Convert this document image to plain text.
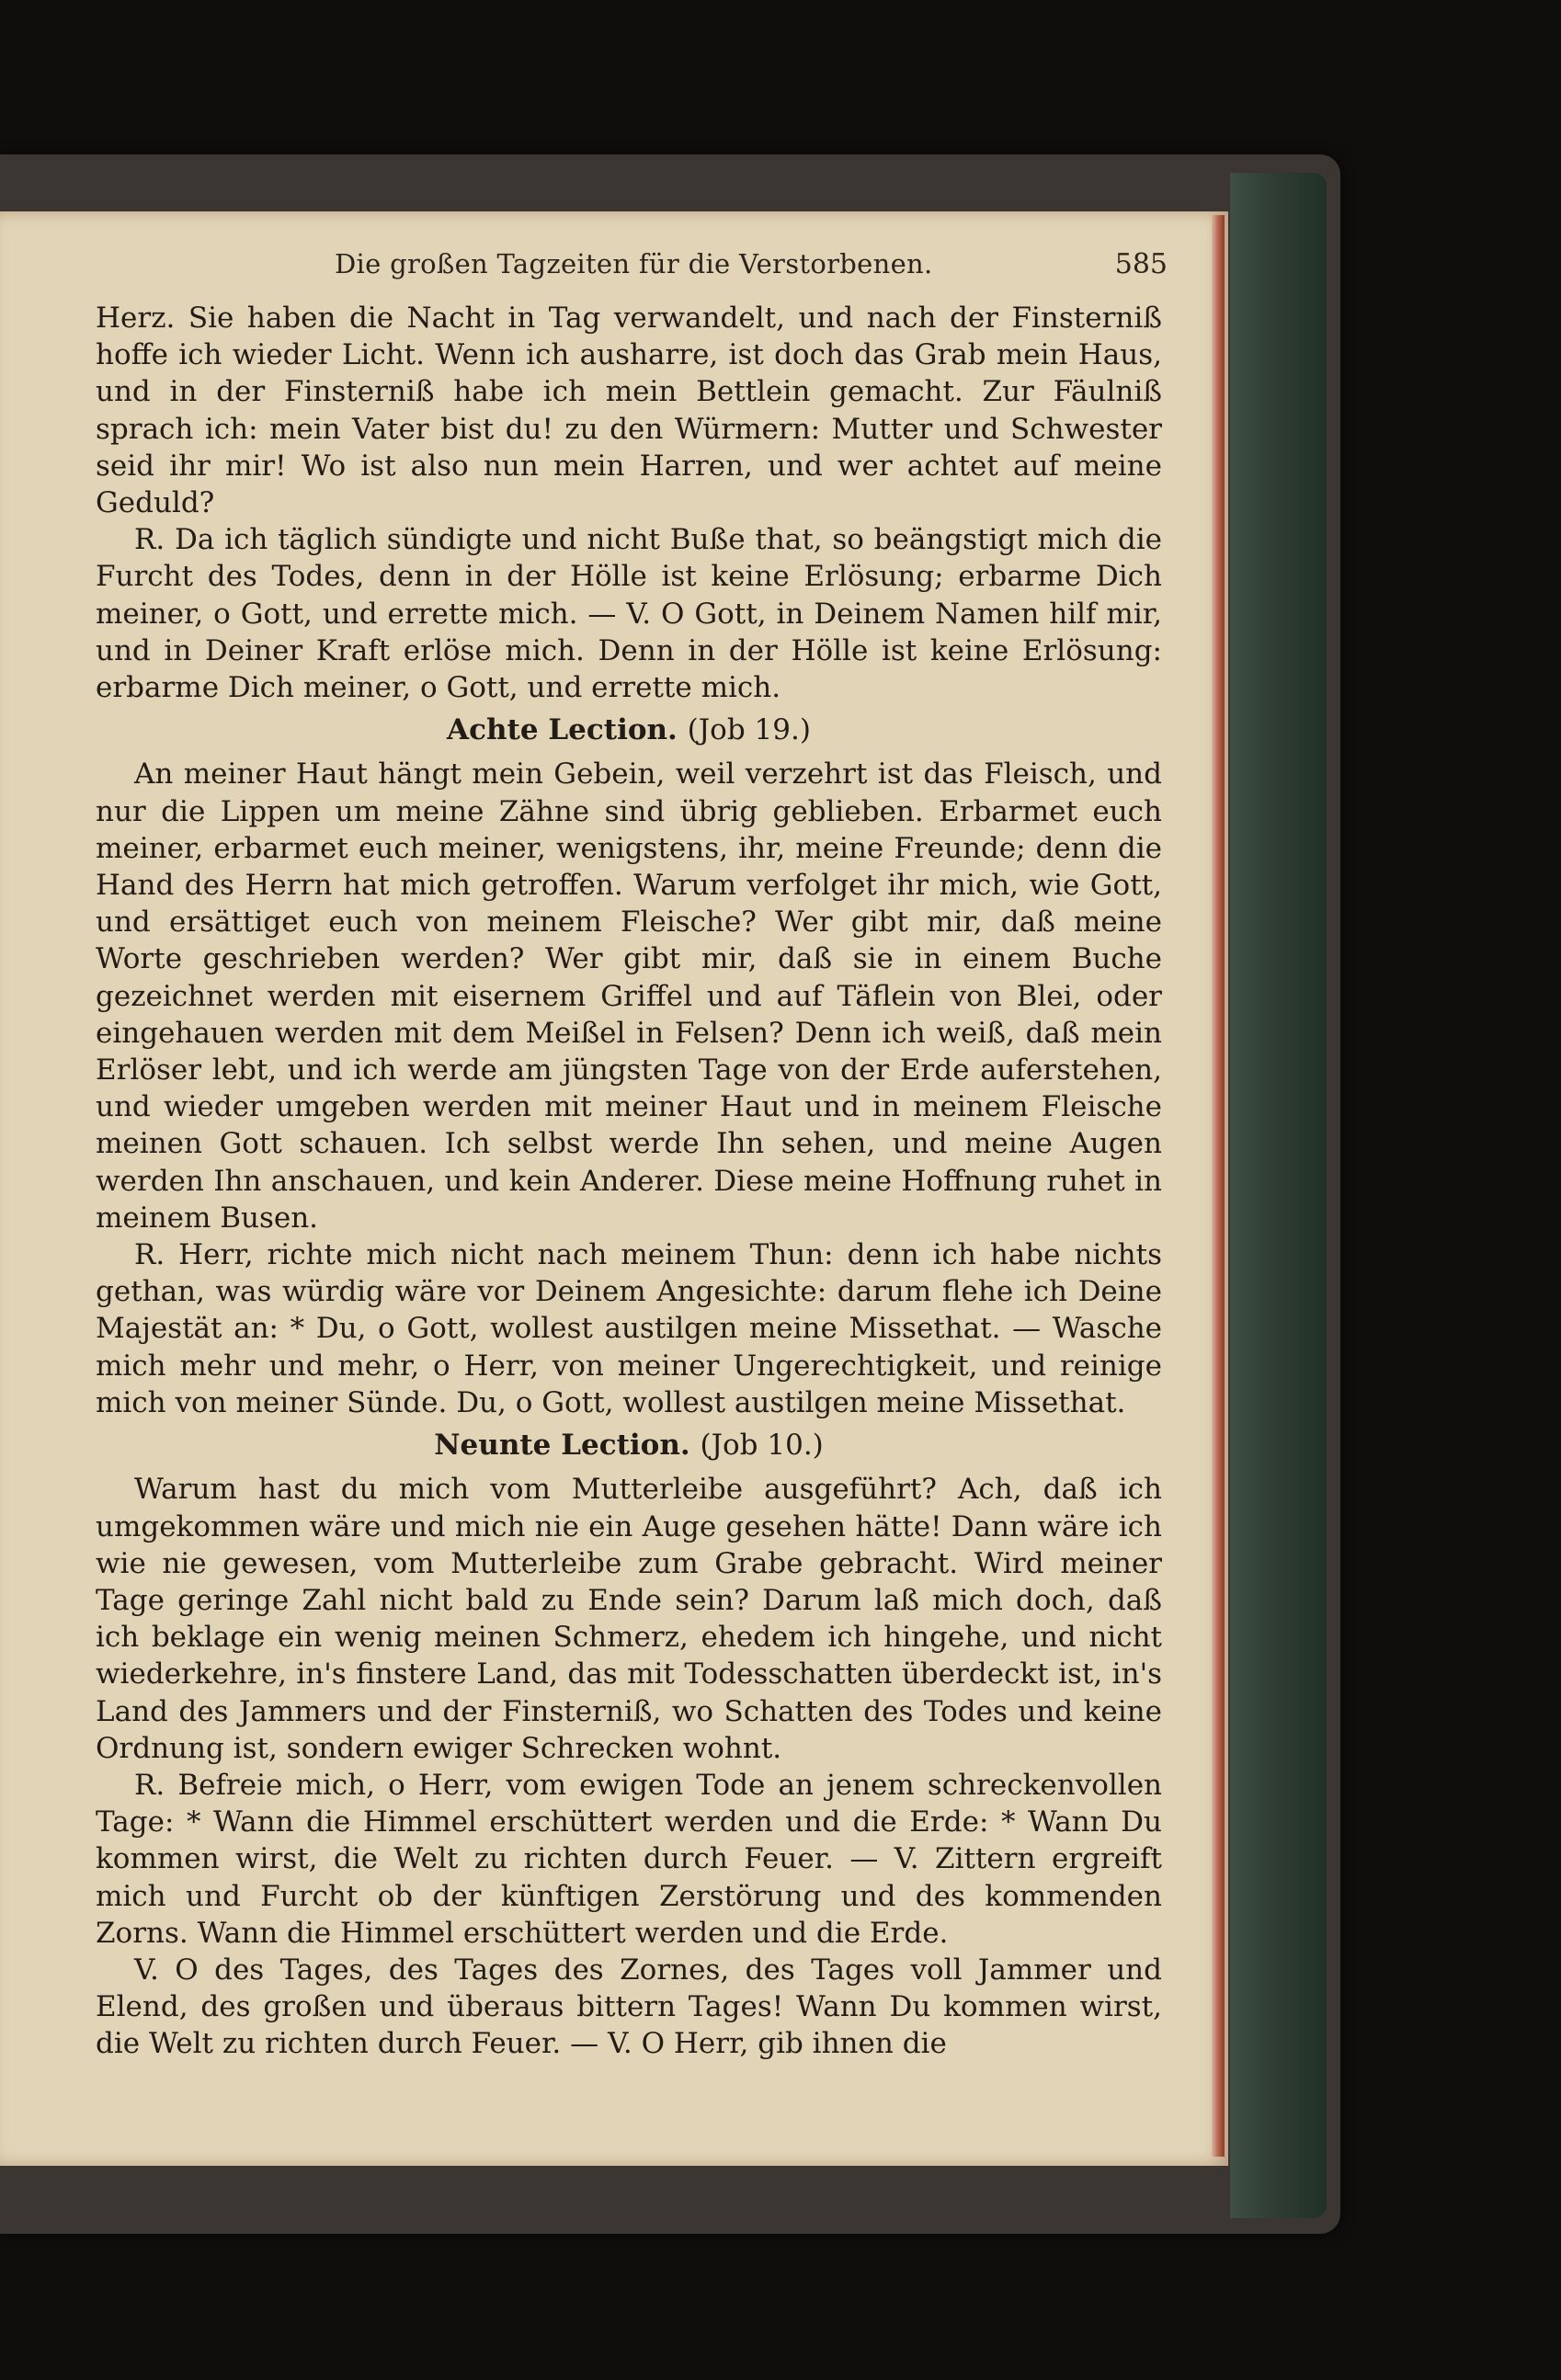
Die großen Tagzeiten für die Verstorbenen.	585

Herz. Sie haben die Nacht in Tag verwandelt, und nach der Finsterniß hoffe ich wieder Licht. Wenn ich ausharre, ist doch das Grab mein Haus, und in der Finsterniß habe ich mein Bettlein gemacht. Zur Fäulniß sprach ich: mein Vater bist du! zu den Würmern: Mutter und Schwester seid ihr mir! Wo ist also nun mein Harren, und wer achtet auf meine Geduld?

R. Da ich täglich sündigte und nicht Buße that, so beängstigt mich die Furcht des Todes, denn in der Hölle ist keine Erlösung; erbarme Dich meiner, o Gott, und errette mich. — V. O Gott, in Deinem Namen hilf mir, und in Deiner Kraft erlöse mich. Denn in der Hölle ist keine Erlösung: erbarme Dich meiner, o Gott, und errette mich.

Achte Lection. (Job 19.)

An meiner Haut hängt mein Gebein, weil verzehrt ist das Fleisch, und nur die Lippen um meine Zähne sind übrig geblieben. Erbarmet euch meiner, erbarmet euch meiner, wenigstens, ihr, meine Freunde; denn die Hand des Herrn hat mich getroffen. Warum verfolget ihr mich, wie Gott, und ersättiget euch von meinem Fleische? Wer gibt mir, daß meine Worte geschrieben werden? Wer gibt mir, daß sie in einem Buche gezeichnet werden mit eisernem Griffel und auf Täflein von Blei, oder eingehauen werden mit dem Meißel in Felsen? Denn ich weiß, daß mein Erlöser lebt, und ich werde am jüngsten Tage von der Erde auferstehen, und wieder umgeben werden mit meiner Haut und in meinem Fleische meinen Gott schauen. Ich selbst werde Ihn sehen, und meine Augen werden Ihn anschauen, und kein Anderer. Diese meine Hoffnung ruhet in meinem Busen.

R. Herr, richte mich nicht nach meinem Thun: denn ich habe nichts gethan, was würdig wäre vor Deinem Angesichte: darum flehe ich Deine Majestät an: * Du, o Gott, wollest austilgen meine Missethat. — Wasche mich mehr und mehr, o Herr, von meiner Ungerechtigkeit, und reinige mich von meiner Sünde. Du, o Gott, wollest austilgen meine Missethat.

Neunte Lection. (Job 10.)

Warum hast du mich vom Mutterleibe ausgeführt? Ach, daß ich umgekommen wäre und mich nie ein Auge gesehen hätte! Dann wäre ich wie nie gewesen, vom Mutterleibe zum Grabe gebracht. Wird meiner Tage geringe Zahl nicht bald zu Ende sein? Darum laß mich doch, daß ich beklage ein wenig meinen Schmerz, ehedem ich hingehe, und nicht wiederkehre, in's finstere Land, das mit Todesschatten überdeckt ist, in's Land des Jammers und der Finsterniß, wo Schatten des Todes und keine Ordnung ist, sondern ewiger Schrecken wohnt.

R. Befreie mich, o Herr, vom ewigen Tode an jenem schreckenvollen Tage: * Wann die Himmel erschüttert werden und die Erde: * Wann Du kommen wirst, die Welt zu richten durch Feuer. — V. Zittern ergreift mich und Furcht ob der künftigen Zerstörung und des kommenden Zorns. Wann die Himmel erschüttert werden und die Erde.

V. O des Tages, des Tages des Zornes, des Tages voll Jammer und Elend, des großen und überaus bittern Tages! Wann Du kommen wirst, die Welt zu richten durch Feuer. — V. O Herr, gib ihnen die
